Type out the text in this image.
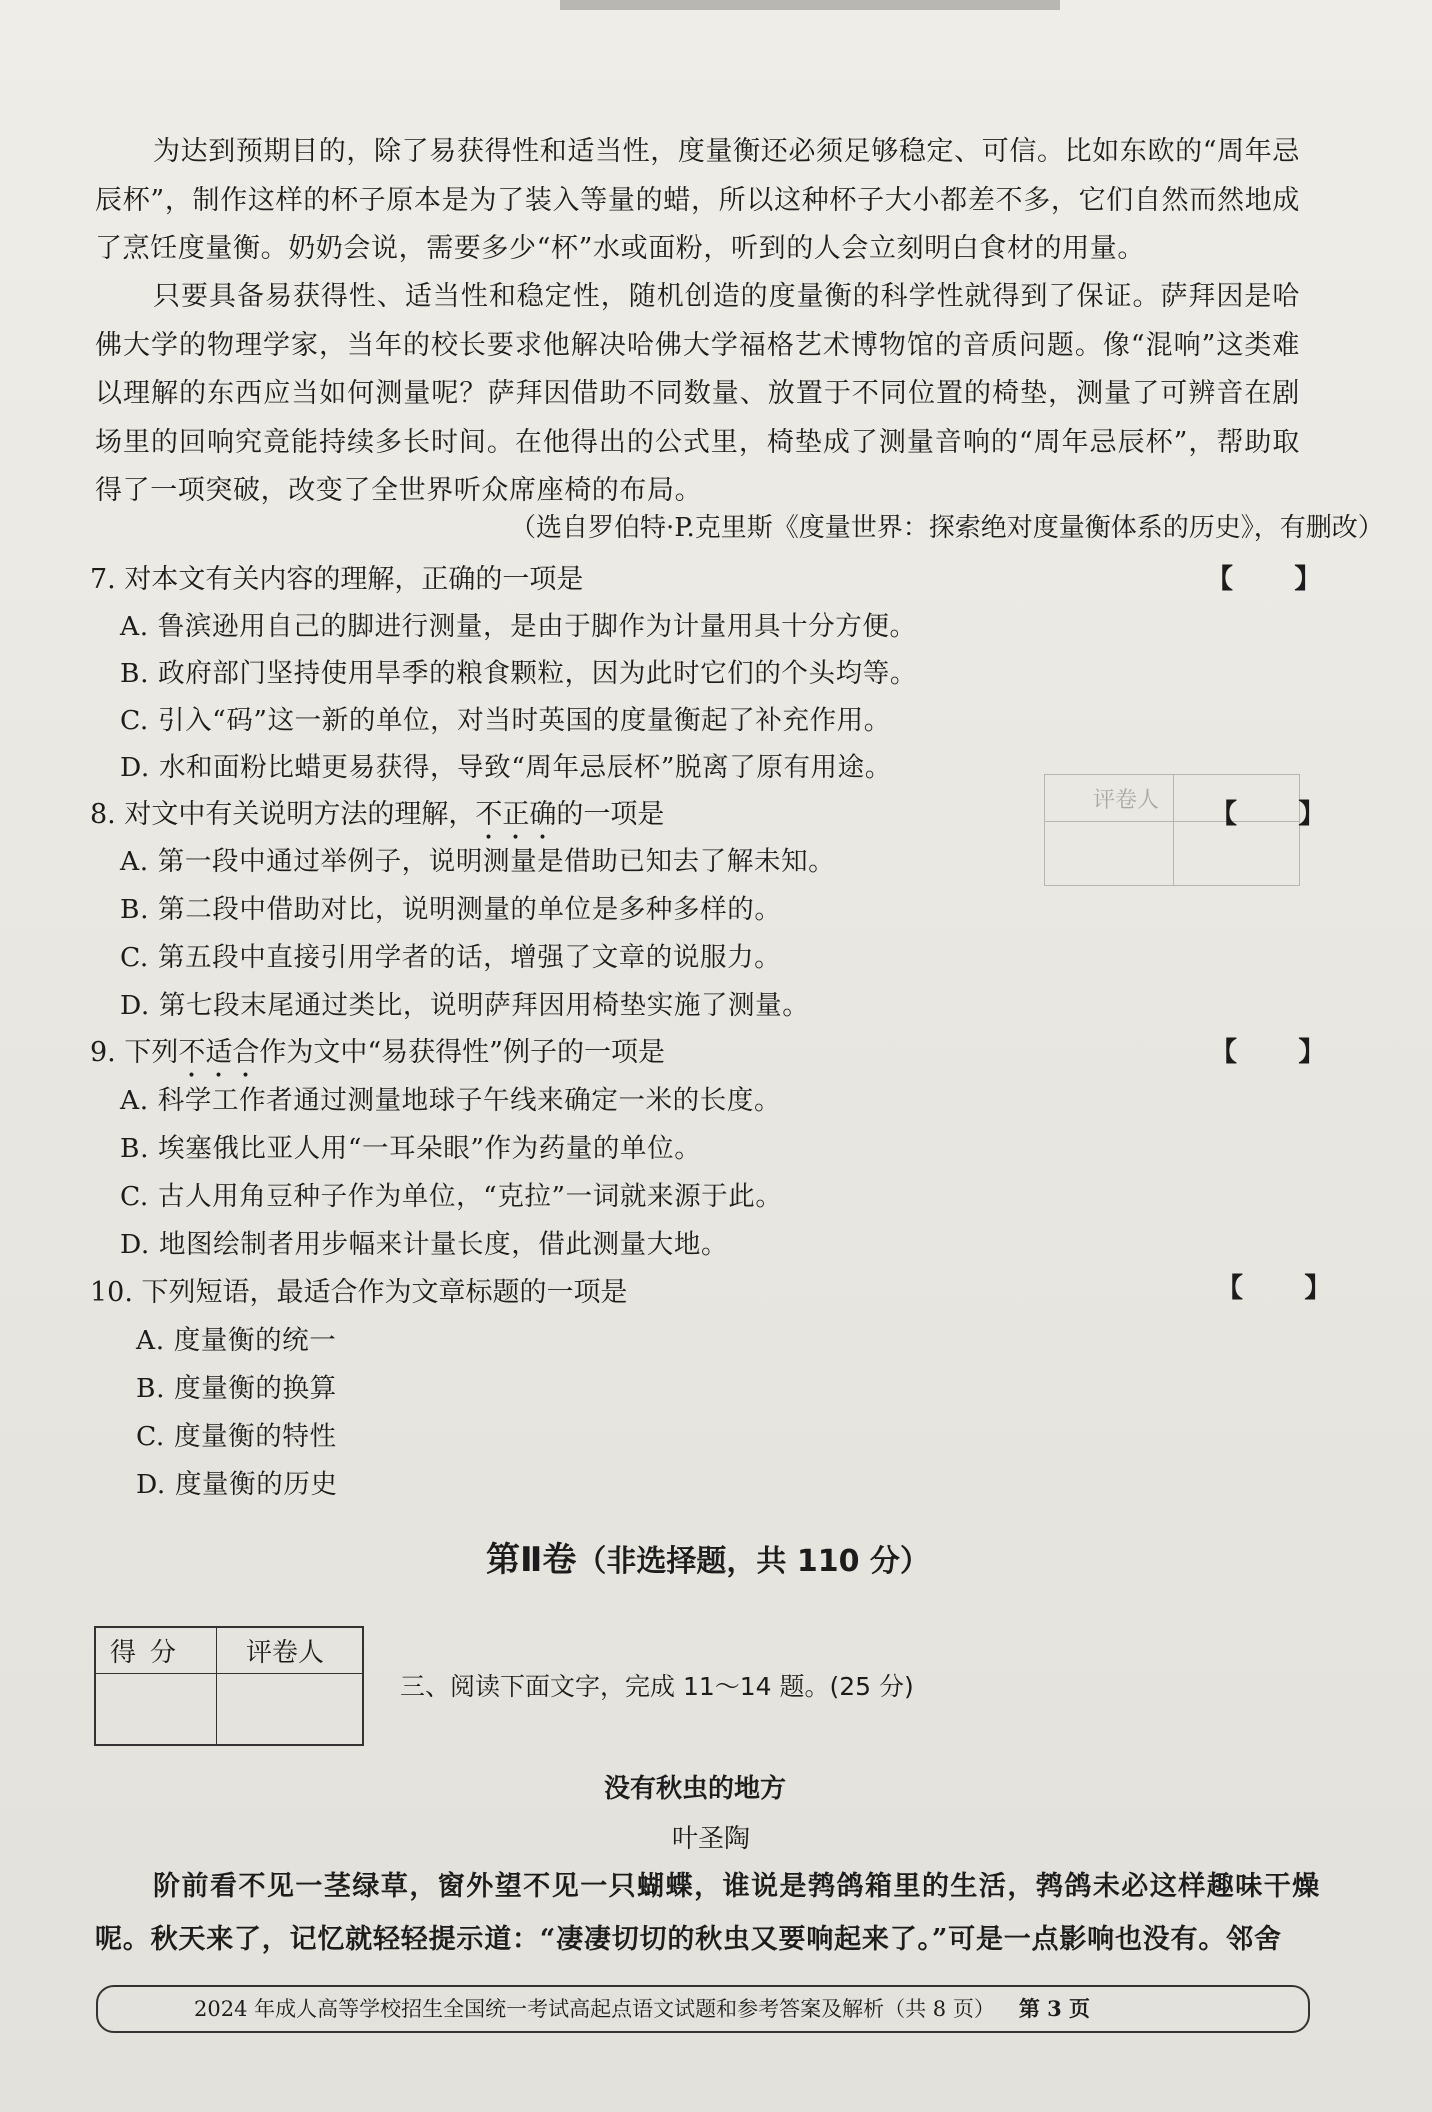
评卷人

为达到预期目的，除了易获得性和适当性，度量衡还必须足够稳定、可信。比如东欧的“周年忌辰杯”，制作这样的杯子原本是为了装入等量的蜡，所以这种杯子大小都差不多，它们自然而然地成了烹饪度量衡。奶奶会说，需要多少“杯”水或面粉，听到的人会立刻明白食材的用量。

只要具备易获得性、适当性和稳定性，随机创造的度量衡的科学性就得到了保证。萨拜因是哈佛大学的物理学家，当年的校长要求他解决哈佛大学福格艺术博物馆的音质问题。像“混响”这类难以理解的东西应当如何测量呢？萨拜因借助不同数量、放置于不同位置的椅垫，测量了可辨音在剧场里的回响究竟能持续多长时间。在他得出的公式里，椅垫成了测量音响的“周年忌辰杯”，帮助取得了一项突破，改变了全世界听众席座椅的布局。

（选自罗伯特·P.克里斯《度量世界：探索绝对度量衡体系的历史》，有删改）
7. 对本文有关内容的理解，正确的一项是	【 】
A. 鲁滨逊用自己的脚进行测量，是由于脚作为计量用具十分方便。
B. 政府部门坚持使用旱季的粮食颗粒，因为此时它们的个头均等。
C. 引入“码”这一新的单位，对当时英国的度量衡起了补充作用。
D. 水和面粉比蜡更易获得，导致“周年忌辰杯”脱离了原有用途。
8. 对文中有关说明方法的理解，不正确的一项是	【 】
A. 第一段中通过举例子，说明测量是借助已知去了解未知。
B. 第二段中借助对比，说明测量的单位是多种多样的。
C. 第五段中直接引用学者的话，增强了文章的说服力。
D. 第七段末尾通过类比，说明萨拜因用椅垫实施了测量。
9. 下列不适合作为文中“易获得性”例子的一项是	【 】
A. 科学工作者通过测量地球子午线来确定一米的长度。
B. 埃塞俄比亚人用“一耳朵眼”作为药量的单位。
C. 古人用角豆种子作为单位，“克拉”一词就来源于此。
D. 地图绘制者用步幅来计量长度，借此测量大地。
10. 下列短语，最适合作为文章标题的一项是	【 】
A. 度量衡的统一
B. 度量衡的换算
C. 度量衡的特性
D. 度量衡的历史
第Ⅱ卷（非选择题，共 110 分）
得分 评卷人
三、阅读下面文字，完成 11～14 题。(25 分)
没有秋虫的地方
叶圣陶

阶前看不见一茎绿草，窗外望不见一只蝴蝶，谁说是鹁鸽箱里的生活，鹁鸽未必这样趣味干燥呢。秋天来了，记忆就轻轻提示道：“凄凄切切的秋虫又要响起来了。”可是一点影响也没有。邻舍

2024 年成人高等学校招生全国统一考试高起点语文试题和参考答案及解析（共 8 页） 第 3 页
